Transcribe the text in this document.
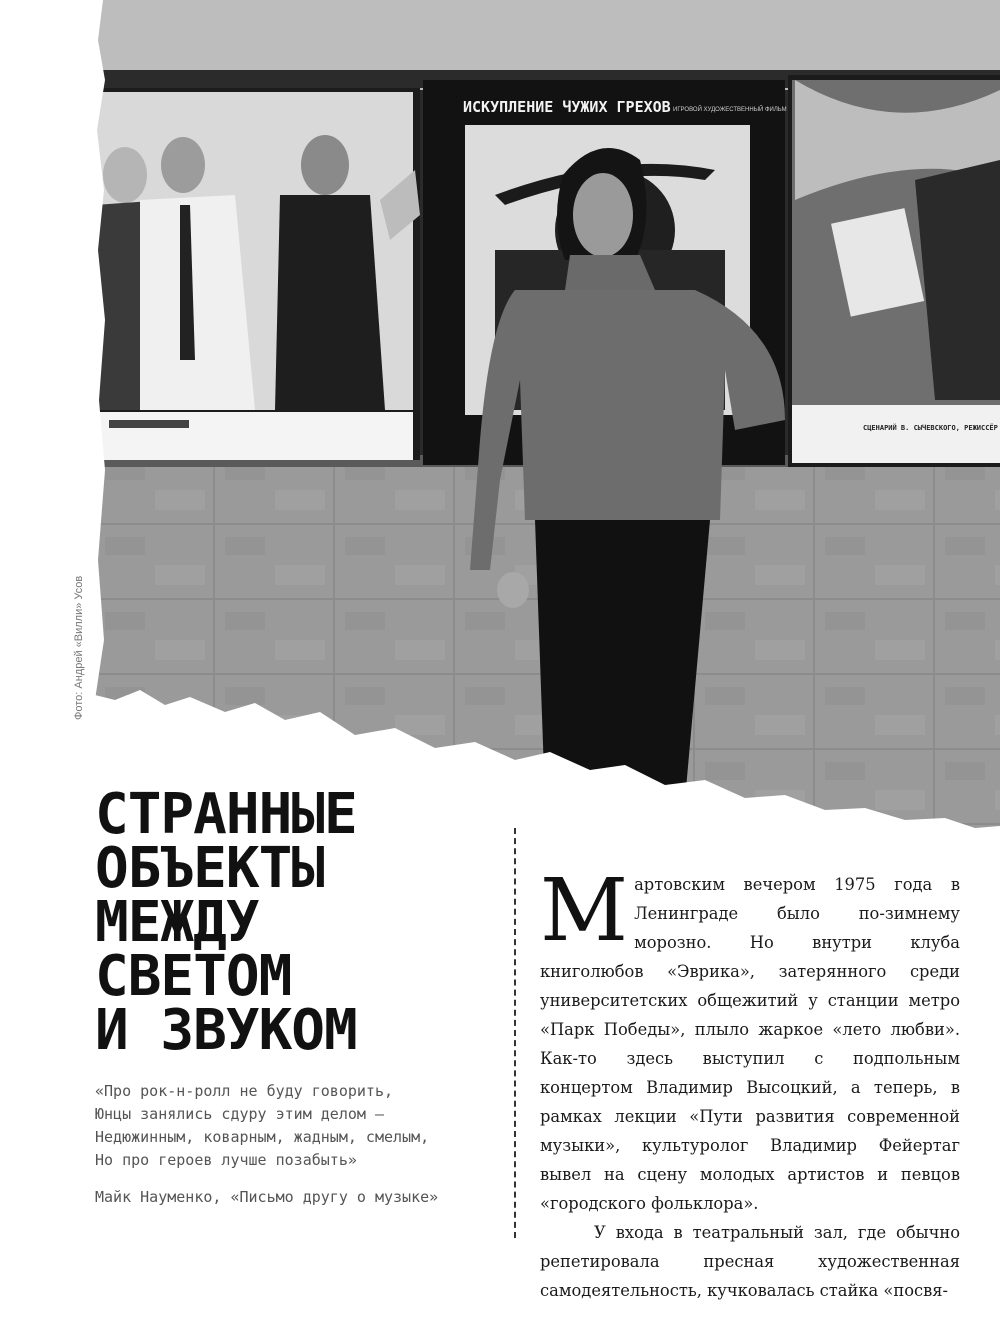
ИСКУПЛЕНИЕ ЧУЖИХ ГРЕХОВ ИГРОВОЙ ХУДОЖЕСТВЕННЫЙ ФИЛЬМ
СЦЕНАРИЙ В. СЫЧЕВСКОГО, РЕЖИССЁР
Фото: Андрей «Вилли» Усов
СТРАННЫЕ
ОБЪЕКТЫ
МЕЖДУ
СВЕТОМ
И ЗВУКОМ
«Про рок-н-ролл не буду говорить,
Юнцы занялись сдуру этим делом —
Недюжинным, коварным, жадным, смелым,
Но про героев лучше позабыть»
Майк Науменко, «Письмо другу о музыке»

Мартовским вечером 1975 года в Ленинграде было по-зимнему морозно. Но внутри клуба книголюбов «Эврика», затерянного среди университетских общежитий у станции метро «Парк Победы», плыло жаркое «лето любви». Как-то здесь выступил с подпольным концертом Владимир Высоцкий, а теперь, в рамках лекции «Пути развития современной музыки», культуролог Владимир Фейертаг вывел на сцену молодых артистов и певцов «городского фольклора».

У входа в театральный зал, где обычно репетировала пресная художественная самодеятельность, кучковалась стайка «посвя-
